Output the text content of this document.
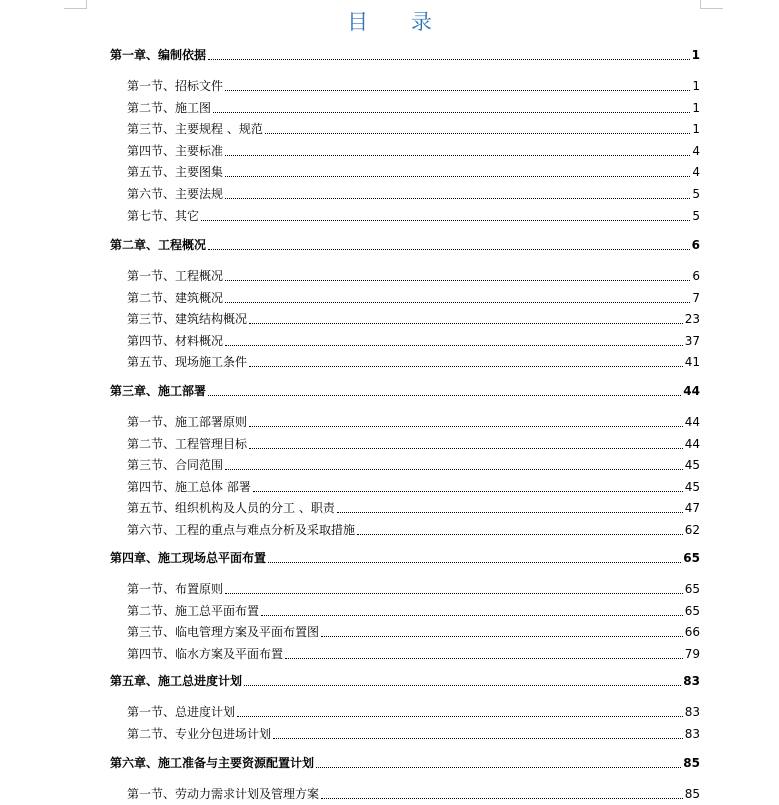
目 录
第一章、编制依据	1
第一节、招标文件	1
第二节、施工图	1
第三节、主要规程 、规范	1
第四节、主要标准	4
第五节、主要图集	4
第六节、主要法规	5
第七节、其它	5
第二章、工程概况	6
第一节、工程概况	6
第二节、建筑概况	7
第三节、建筑结构概况	23
第四节、材料概况	37
第五节、现场施工条件	41
第三章、施工部署	44
第一节、施工部署原则	44
第二节、工程管理目标	44
第三节、合同范围	45
第四节、施工总体 部署	45
第五节、组织机构及人员的分工 、职责	47
第六节、工程的重点与难点分析及采取措施	62
第四章、施工现场总平面布置	65
第一节、布置原则	65
第二节、施工总平面布置	65
第三节、临电管理方案及平面布置图	66
第四节、临水方案及平面布置	79
第五章、施工总进度计划	83
第一节、总进度计划	83
第二节、专业分包进场计划	83
第六章、施工准备与主要资源配置计划	85
第一节、劳动力需求计划及管理方案	85
